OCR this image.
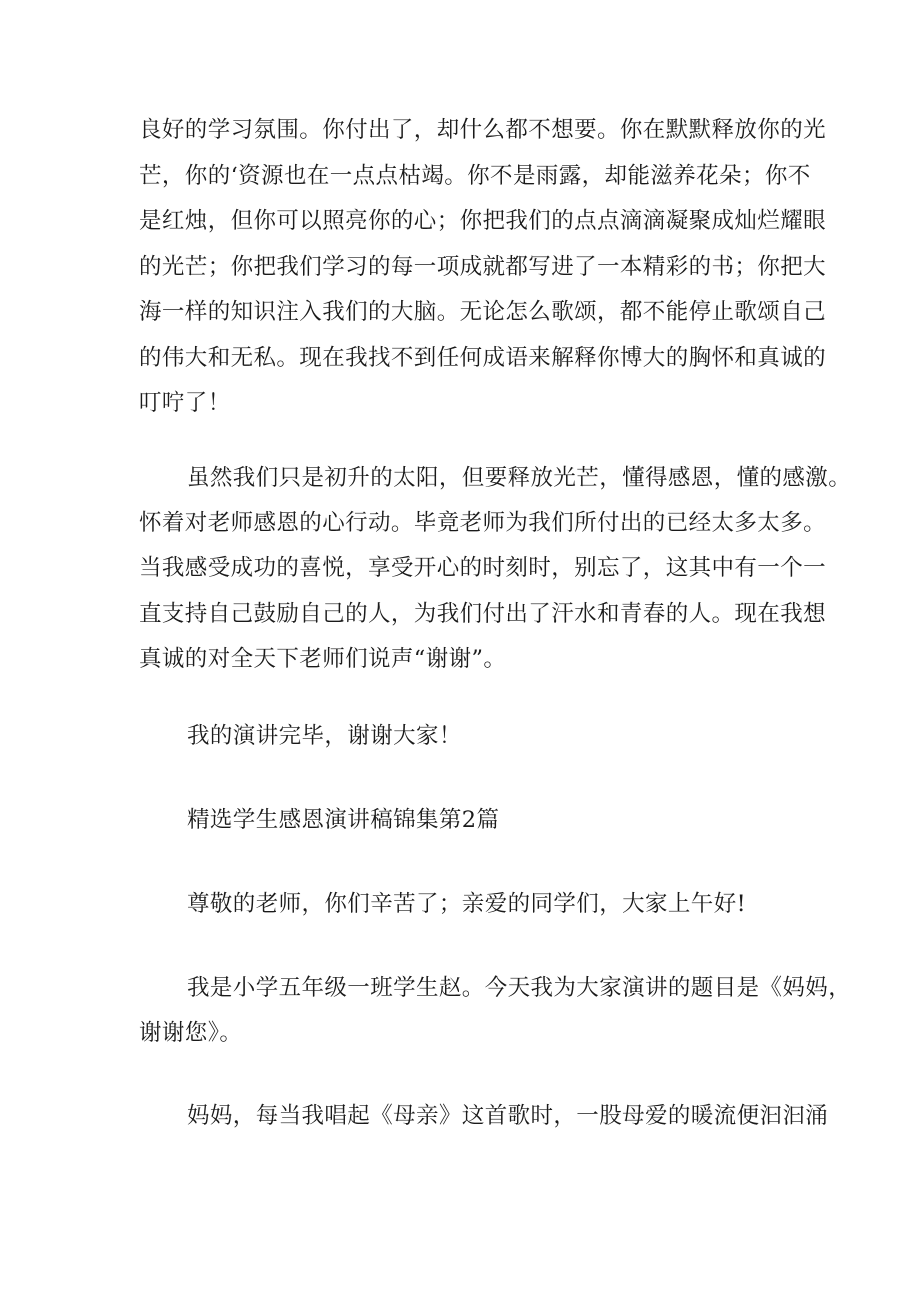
良好的学习氛围。你付出了，却什么都不想要。你在默默释放你的光
芒，你的‘资源也在一点点枯竭。你不是雨露，却能滋养花朵；你不
是红烛，但你可以照亮你的心；你把我们的点点滴滴凝聚成灿烂耀眼
的光芒；你把我们学习的每一项成就都写进了一本精彩的书；你把大
海一样的知识注入我们的大脑。无论怎么歌颂，都不能停止歌颂自己
的伟大和无私。现在我找不到任何成语来解释你博大的胸怀和真诚的
叮咛了！
虽然我们只是初升的太阳，但要释放光芒，懂得感恩，懂的感激。
怀着对老师感恩的心行动。毕竟老师为我们所付出的已经太多太多。
当我感受成功的喜悦，享受开心的时刻时，别忘了，这其中有一个一
直支持自己鼓励自己的人，为我们付出了汗水和青春的人。现在我想
真诚的对全天下老师们说声“谢谢”。
我的演讲完毕，谢谢大家！
精选学生感恩演讲稿锦集第2篇
尊敬的老师，你们辛苦了；亲爱的同学们，大家上午好!
我是小学五年级一班学生赵。今天我为大家演讲的题目是《妈妈，
谢谢您》。
妈妈，每当我唱起《母亲》这首歌时，一股母爱的暖流便汩汩涌
